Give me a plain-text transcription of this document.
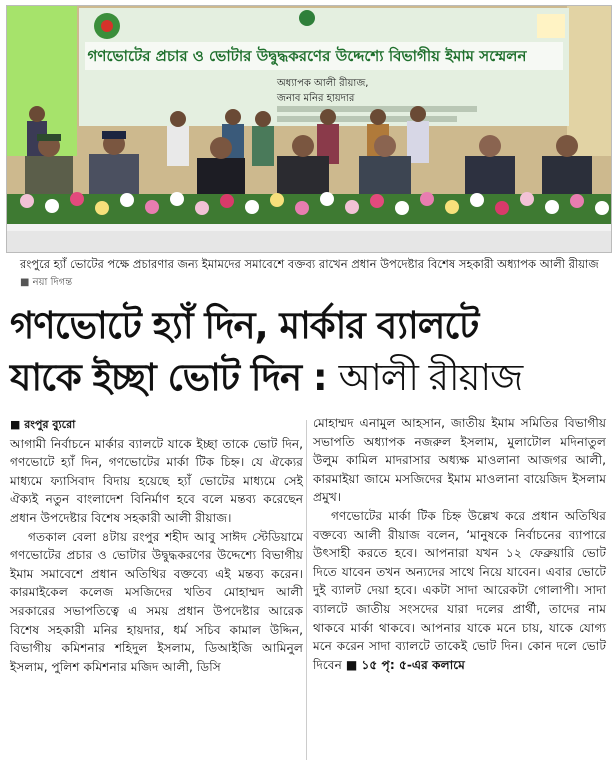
গণভোটের প্রচার ও ভোটার উদ্বুদ্ধকরণের উদ্দেশ্যে বিভাগীয় ইমাম সম্মেলন
অধ্যাপক আলী রীয়াজ,
জনাব মনির হায়দার
রংপুরে হ্যাঁ ভোটের পক্ষে প্রচারণার জন্য ইমামদের সমাবেশে বক্তব্য রাখেন প্রধান উপদেষ্টার বিশেষ সহকারী অধ্যাপক আলী রীয়াজ ■ নয়া দিগন্ত
গণভোটে হ্যাঁ দিন, মার্কার ব্যালটে
যাকে ইচ্ছা ভোট দিন : আলী রীয়াজ

■ রংপুর ব্যুরো

আগামী নির্বাচনে মার্কার ব্যালটে যাকে ইচ্ছা তাকে ভোট দিন, গণভোটে হ্যাঁ দিন, গণভোটের মার্কা টিক চিহ্ন। যে ঐক্যের মাধ্যমে ফ্যাসিবাদ বিদায় হয়েছে হ্যাঁ ভোটের মাধ্যমে সেই ঐক্যই নতুন বাংলাদেশ বিনির্মাণ হবে বলে মন্তব্য করেছেন প্রধান উপদেষ্টার বিশেষ সহকারী আলী রীয়াজ।

গতকাল বেলা ৪টায় রংপুর শহীদ আবু সাঈদ স্টেডিয়ামে গণভোটের প্রচার ও ভোটার উদ্বুদ্ধকরণের উদ্দেশ্যে বিভাগীয় ইমাম সমাবেশে প্রধান অতিথির বক্তব্যে এই মন্তব্য করেন। কারমাইকেল কলেজ মসজিদের খতিব মোহাম্মদ আলী সরকারের সভাপতিত্বে এ সময় প্রধান উপদেষ্টার আরেক বিশেষ সহকারী মনির হায়দার, ধর্ম সচিব কামাল উদ্দিন, বিভাগীয় কমিশনার শহিদুল ইসলাম, ডিআইজি আমিনুল ইসলাম, পুলিশ কমিশনার মজিদ আলী, ডিসি

মোহাম্মদ এনামুল আহসান, জাতীয় ইমাম সমিতির বিভাগীয় সভাপতি অধ্যাপক নজরুল ইসলাম, মুলাটোল মদিনাতুল উলুম কামিল মাদরাসার অধ্যক্ষ মাওলানা আজগর আলী, কারমাইয়া জামে মসজিদের ইমাম মাওলানা বায়েজিদ ইসলাম প্রমুখ।

গণভোটের মার্কা টিক চিহ্ন উল্লেখ করে প্রধান অতিথির বক্তব্যে আলী রীয়াজ বলেন, ‘মানুষকে নির্বাচনের ব্যাপারে উৎসাহী করতে হবে। আপনারা যখন ১২ ফেব্রুয়ারি ভোট দিতে যাবেন তখন অন্যদের সাথে নিয়ে যাবেন। এবার ভোটে দুই ব্যালট দেয়া হবে। একটা সাদা আরেকটা গোলাপী। সাদা ব্যালটে জাতীয় সংসদের যারা দলের প্রার্থী, তাদের নাম থাকবে মার্কা থাকবে। আপনার যাকে মনে চায়, যাকে যোগ্য মনে করেন সাদা ব্যালটে তাকেই ভোট দিন। কোন দলে ভোট দিবেন ■ ১৫ পৃ: ৫-এর কলামে
